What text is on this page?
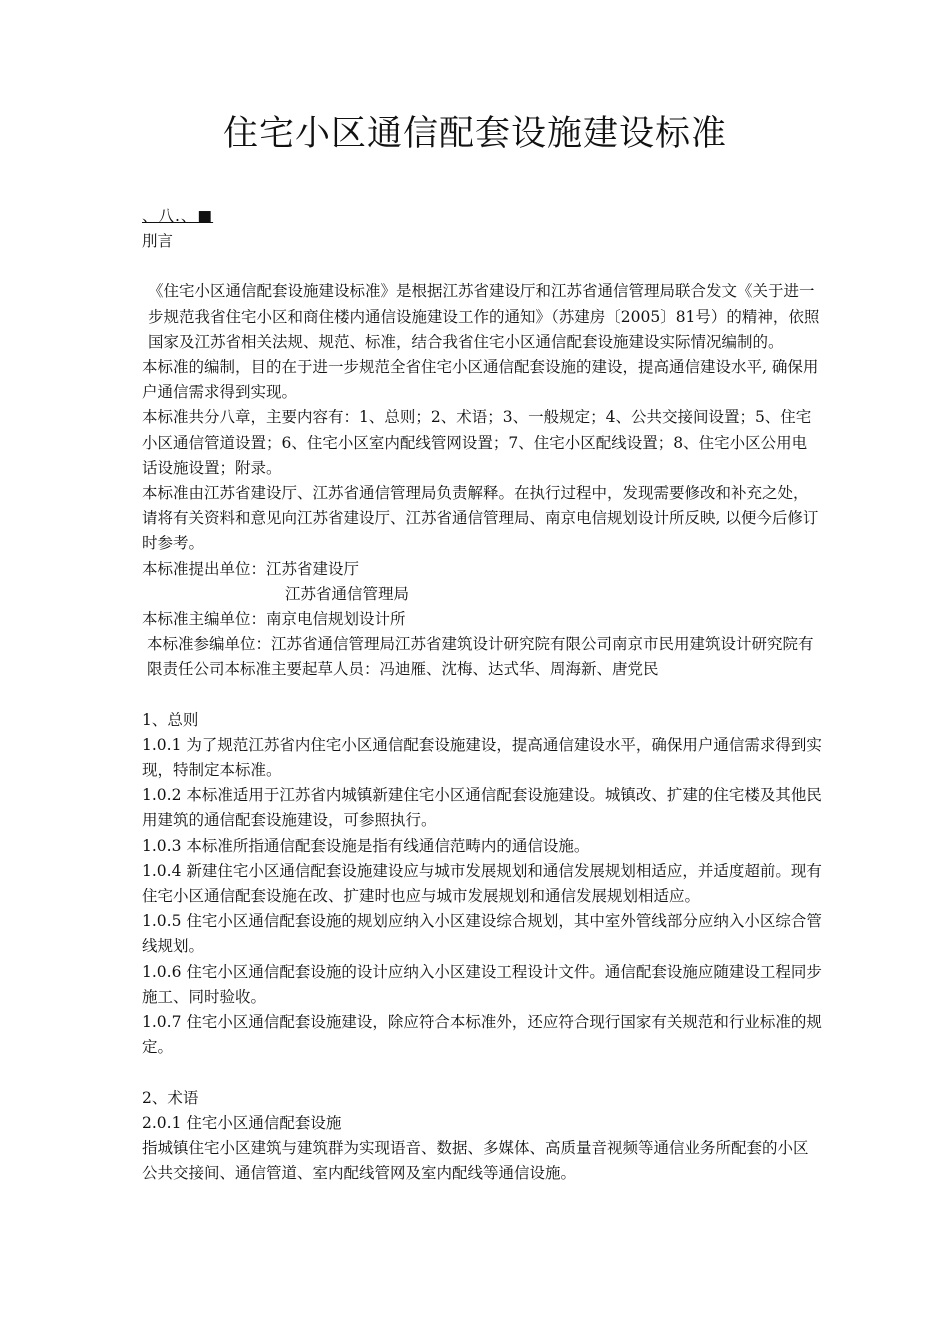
住宅小区通信配套设施建设标准

、八.、■

刖言

《住宅小区通信配套设施建设标准》是根据江苏省建设厅和江苏省通信管理局联合发文《关于进一步规范我省住宅小区和商住楼内通信设施建设工作的通知》（苏建房〔2005〕81号）的精神，依照国家及江苏省相关法规、规范、标准，结合我省住宅小区通信配套设施建设实际情况编制的。

本标准的编制，目的在于进一步规范全省住宅小区通信配套设施的建设，提高通信建设水平, 确保用户通信需求得到实现。

本标准共分八章，主要内容有：1、总则；2、术语；3、一般规定；4、公共交接间设置；5、住宅小区通信管道设置；6、住宅小区室内配线管网设置；7、住宅小区配线设置；8、住宅小区公用电话设施设置；附录。

本标准由江苏省建设厅、江苏省通信管理局负责解释。在执行过程中，发现需要修改和补充之处，请将有关资料和意见向江苏省建设厅、江苏省通信管理局、南京电信规划设计所反映, 以便今后修订时参考。

本标准提出单位：江苏省建设厅

江苏省通信管理局

本标准主编单位：南京电信规划设计所

本标准参编单位：江苏省通信管理局江苏省建筑设计研究院有限公司南京市民用建筑设计研究院有限责任公司本标准主要起草人员：冯迪雁、沈梅、达式华、周海新、唐党民

1、总则

1.0.1 为了规范江苏省内住宅小区通信配套设施建设，提高通信建设水平，确保用户通信需求得到实现，特制定本标准。

1.0.2 本标准适用于江苏省内城镇新建住宅小区通信配套设施建设。城镇改、扩建的住宅楼及其他民用建筑的通信配套设施建设，可参照执行。

1.0.3 本标准所指通信配套设施是指有线通信范畴内的通信设施。

1.0.4 新建住宅小区通信配套设施建设应与城市发展规划和通信发展规划相适应，并适度超前。现有住宅小区通信配套设施在改、扩建时也应与城市发展规划和通信发展规划相适应。

1.0.5 住宅小区通信配套设施的规划应纳入小区建设综合规划，其中室外管线部分应纳入小区综合管线规划。

1.0.6 住宅小区通信配套设施的设计应纳入小区建设工程设计文件。通信配套设施应随建设工程同步施工、同时验收。

1.0.7 住宅小区通信配套设施建设，除应符合本标准外，还应符合现行国家有关规范和行业标准的规定。

2、术语

2.0.1 住宅小区通信配套设施

指城镇住宅小区建筑与建筑群为实现语音、数据、多媒体、高质量音视频等通信业务所配套的小区公共交接间、通信管道、室内配线管网及室内配线等通信设施。
